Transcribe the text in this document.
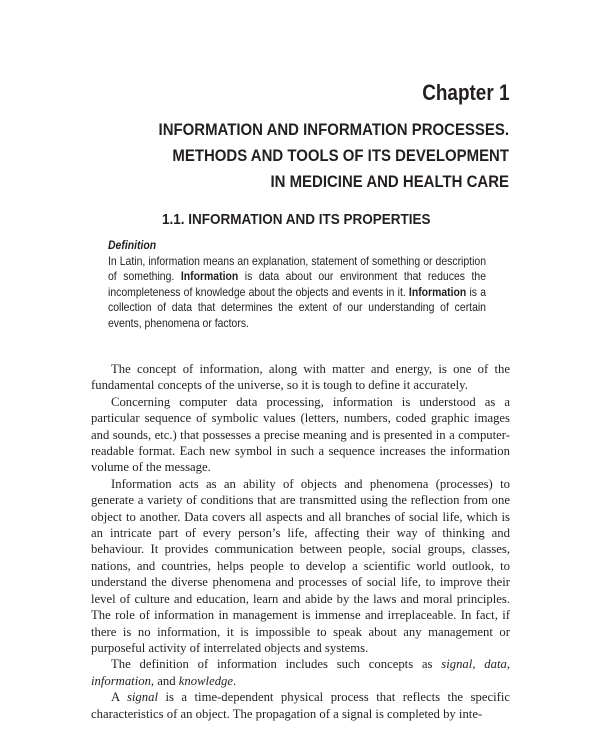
Chapter 1
INFORMATION AND INFORMATION PROCESSES.
METHODS AND TOOLS OF ITS DEVELOPMENT
IN MEDICINE AND HEALTH CARE
1.1. INFORMATION AND ITS PROPERTIES
Definition
In Latin, information means an explanation, statement of something or description of something. Information is data about our environment that reduces the incompleteness of knowledge about the objects and events in it. Information is a collection of data that determines the extent of our understanding of certain events, phenomena or factors.

The concept of information, along with matter and energy, is one of the fundamental concepts of the universe, so it is tough to define it accurately.

Concerning computer data processing, information is understood as a particular sequence of symbolic values (letters, numbers, coded graphic images and sounds, etc.) that possesses a precise meaning and is presented in a computer-readable format. Each new symbol in such a sequence increases the information volume of the message.

Information acts as an ability of objects and phenomena (processes) to generate a variety of conditions that are transmitted using the reflection from one object to another. Data covers all aspects and all branches of social life, which is an intricate part of every person’s life, affecting their way of thinking and behaviour. It provides communication between people, social groups, classes, nations, and countries, helps people to develop a scientific world outlook, to understand the diverse phenomena and processes of social life, to improve their level of culture and education, learn and abide by the laws and moral principles. The role of information in management is immense and irreplaceable. In fact, if there is no information, it is impossible to speak about any management or purposeful activity of interrelated objects and systems.

The definition of information includes such concepts as signal, data, information, and knowledge.

A signal is a time-dependent physical process that reflects the specific characteristics of an object. The propagation of a signal is completed by inte-
